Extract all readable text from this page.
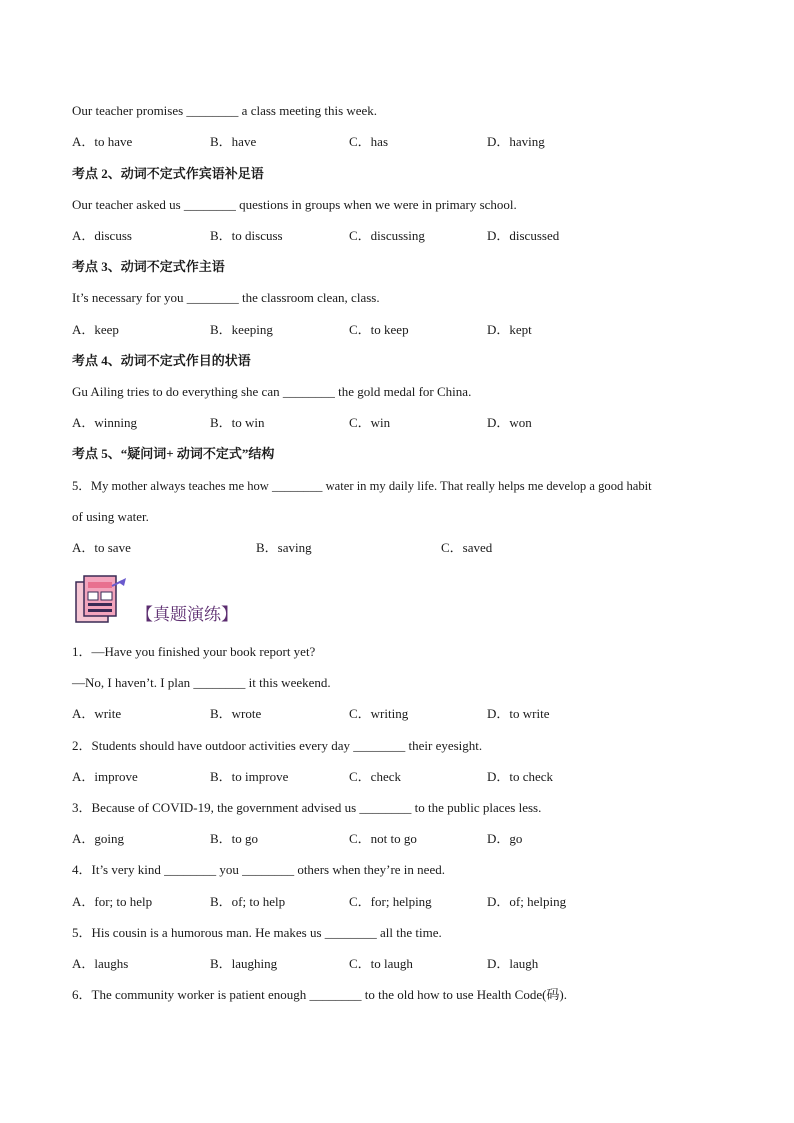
Our teacher promises ________ a class meeting this week.
A．to have	B．have	C．has	D．having
考点 2、动词不定式作宾语补足语
Our teacher asked us ________ questions in groups when we were in primary school.
A．discuss	B．to discuss	C．discussing	D．discussed
考点 3、动词不定式作主语
It’s necessary for you ________ the classroom clean, class.
A．keep	B．keeping	C．to keep	D．kept
考点 4、动词不定式作目的状语
Gu Ailing tries to do everything she can ________ the gold medal for China.
A．winning	B．to win	C．win	D．won
考点 5、“疑问词+ 动词不定式”结构
5．My mother always teaches me how ________ water in my daily life. That really helps me develop a good habit
of using water.
A．to save	B．saving	C．saved
【真题演练】
1．—Have you finished your book report yet?
—No, I haven’t. I plan ________ it this weekend.
A．write	B．wrote	C．writing	D．to write
2．Students should have outdoor activities every day ________ their eyesight.
A．improve	B．to improve	C．check	D．to check
3．Because of COVID-19, the government advised us ________ to the public places less.
A．going	B．to go	C．not to go	D．go
4．It’s very kind ________ you ________ others when they’re in need.
A．for; to help	B．of; to help	C．for; helping	D．of; helping
5．His cousin is a humorous man. He makes us ________ all the time.
A．laughs	B．laughing	C．to laugh	D．laugh
6．The community worker is patient enough ________ to the old how to use Health Code(码).
